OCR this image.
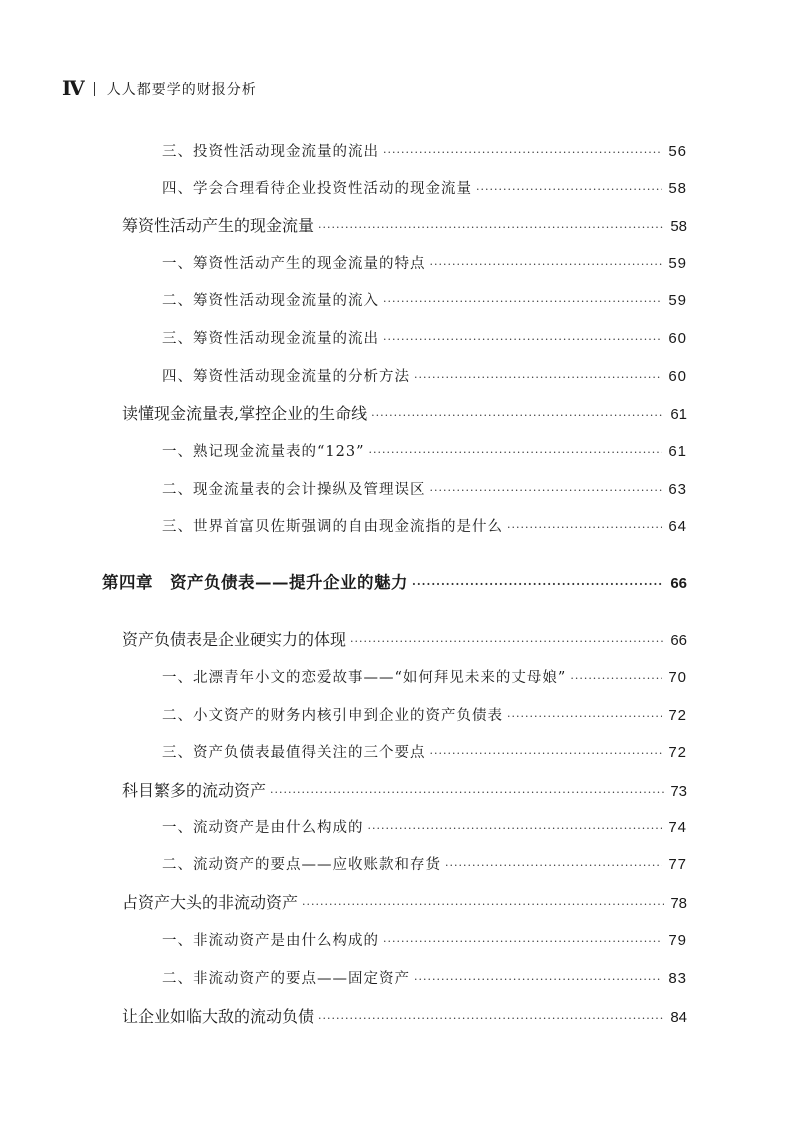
Ⅳ 人人都要学的财报分析
三、投资性活动现金流量的流出 ·····	56
四、学会合理看待企业投资性活动的现金流量 ·····	58
筹资性活动产生的现金流量 ·····	58
一、筹资性活动产生的现金流量的特点 ·····	59
二、筹资性活动现金流量的流入 ·····	59
三、筹资性活动现金流量的流出 ·····	60
四、筹资性活动现金流量的分析方法 ·····	60
读懂现金流量表,掌控企业的生命线 ·····	61
一、熟记现金流量表的“123” ·····	61
二、现金流量表的会计操纵及管理误区 ·····	63
三、世界首富贝佐斯强调的自由现金流指的是什么 ·····	64
第四章　资产负债表——提升企业的魅力 ·····	66
资产负债表是企业硬实力的体现 ·····	66
一、北漂青年小文的恋爱故事——“如何拜见未来的丈母娘” ·····	70
二、小文资产的财务内核引申到企业的资产负债表 ·····	72
三、资产负债表最值得关注的三个要点 ·····	72
科目繁多的流动资产 ·····	73
一、流动资产是由什么构成的 ·····	74
二、流动资产的要点——应收账款和存货 ·····	77
占资产大头的非流动资产 ·····	78
一、非流动资产是由什么构成的 ·····	79
二、非流动资产的要点——固定资产 ·····	83
让企业如临大敌的流动负债 ·····	84
